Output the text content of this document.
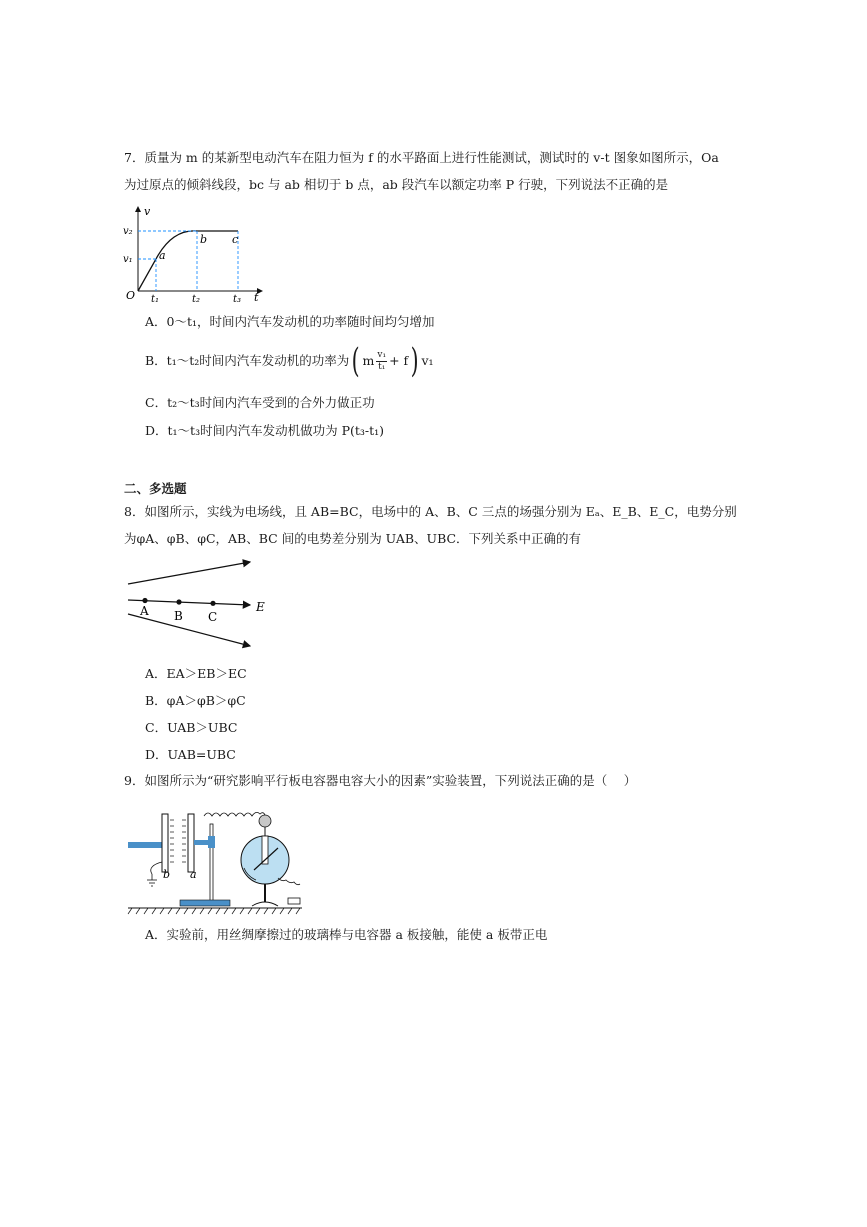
7．质量为 m 的某新型电动汽车在阻力恒为 f 的水平路面上进行性能测试，测试时的 v-t 图象如图所示，Oa
为过原点的倾斜线段，bc 与 ab 相切于 b 点，ab 段汽车以额定功率 P 行驶，下列说法不正确的是
v
t
O
v₂
v₁
t₁	t₂	t₃
a
b c
A．0～t₁，时间内汽车发动机的功率随时间均匀增加
B．t₁～t₂时间内汽车发动机的功率为 ( m v₁
t₁ + f ) v₁
C．t₂～t₃时间内汽车受到的合外力做正功
D．t₁～t₃时间内汽车发动机做功为 P(t₃-t₁)
二、多选题
8．如图所示，实线为电场线，且 AB=BC，电场中的 A、B、C 三点的场强分别为 Eₐ、E_B、E_C，电势分别
为φA、φB、φC，AB、BC 间的电势差分别为 UAB、UBC．下列关系中正确的有
A B C
E
A．EA＞EB＞EC
B．φA＞φB＞φC
C．UAB＞UBC
D．UAB=UBC
9．如图所示为“研究影响平行板电容器电容大小的因素”实验装置，下列说法正确的是（　 ）
b a
A．实验前，用丝绸摩擦过的玻璃棒与电容器 a 板接触，能使 a 板带正电
